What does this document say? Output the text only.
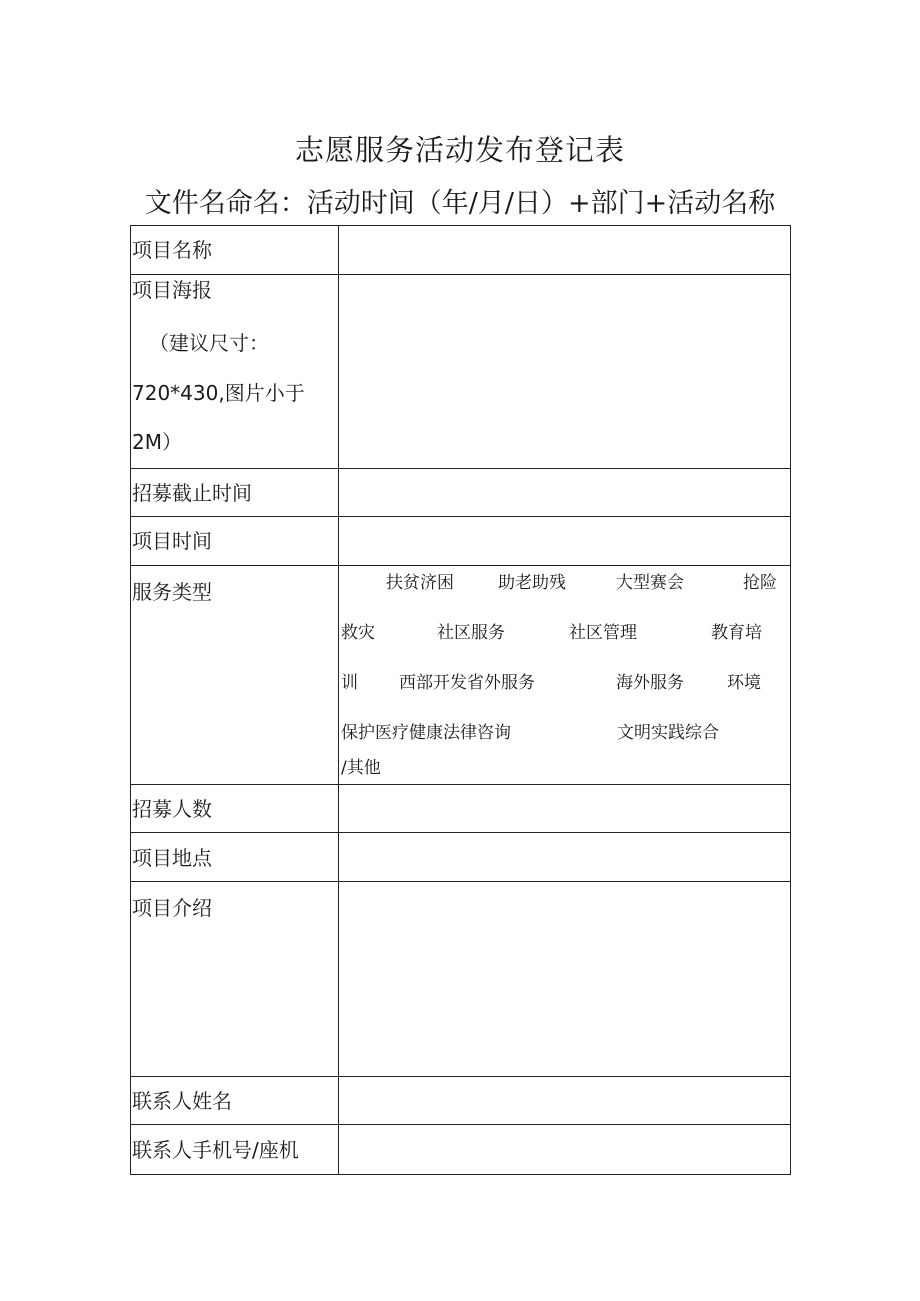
志愿服务活动发布登记表
文件名命名：活动时间（年/月/日）+部门+活动名称
项目名称
项目海报
（建议尺寸：
720*430,图片小于
2M）
招募截止时间
项目时间
服务类型	扶贫济困	助老助残	大型赛会	抢险
救灾	社区服务	社区管理	教育培
训 西部开发省外服务	海外服务	环境
保护医疗健康法律咨询	文明实践综合
/其他
招募人数
项目地点
项目介绍
联系人姓名
联系人手机号/座机
